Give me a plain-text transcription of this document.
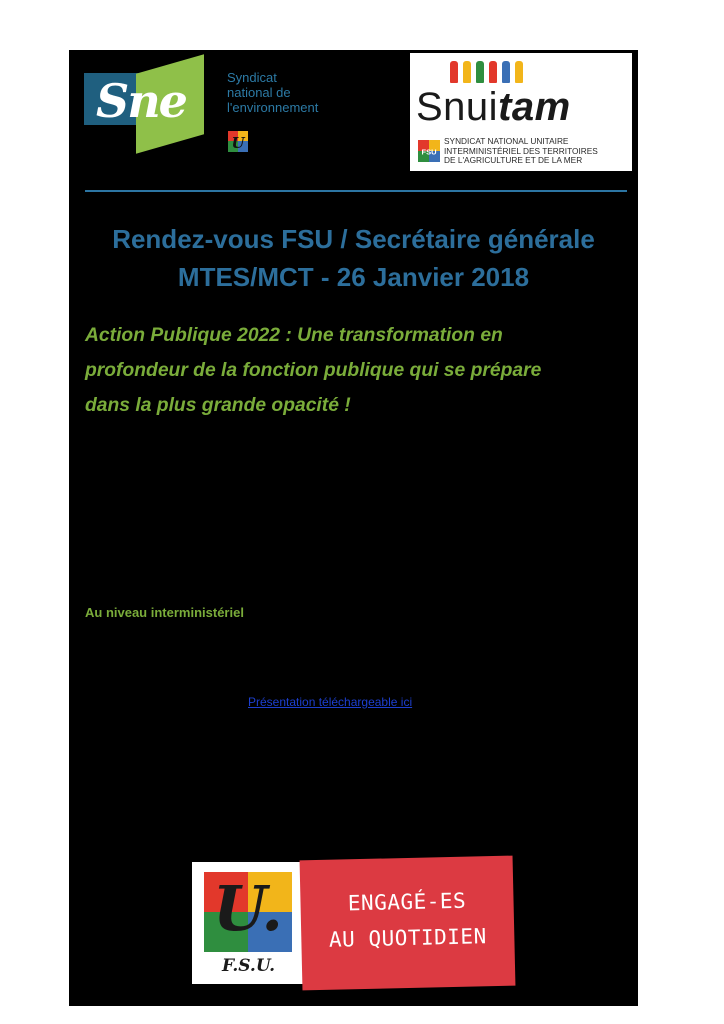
Sne	Syndicat
national de
l'environnement
U
Snuitam
FSU
SYNDICAT NATIONAL UNITAIRE
INTERMINISTÉRIEL DES TERRITOIRES
DE L'AGRICULTURE ET DE LA MER
Rendez-vous FSU / Secrétaire générale
MTES/MCT - 26 Janvier 2018
Action Publique 2022 : Une transformation en
profondeur de la fonction publique qui se prépare
dans la plus grande opacité !
Au niveau interministériel
Présentation téléchargeable ici
U.
F.S.U.
ENGAGÉ-ES
AU QUOTIDIEN
